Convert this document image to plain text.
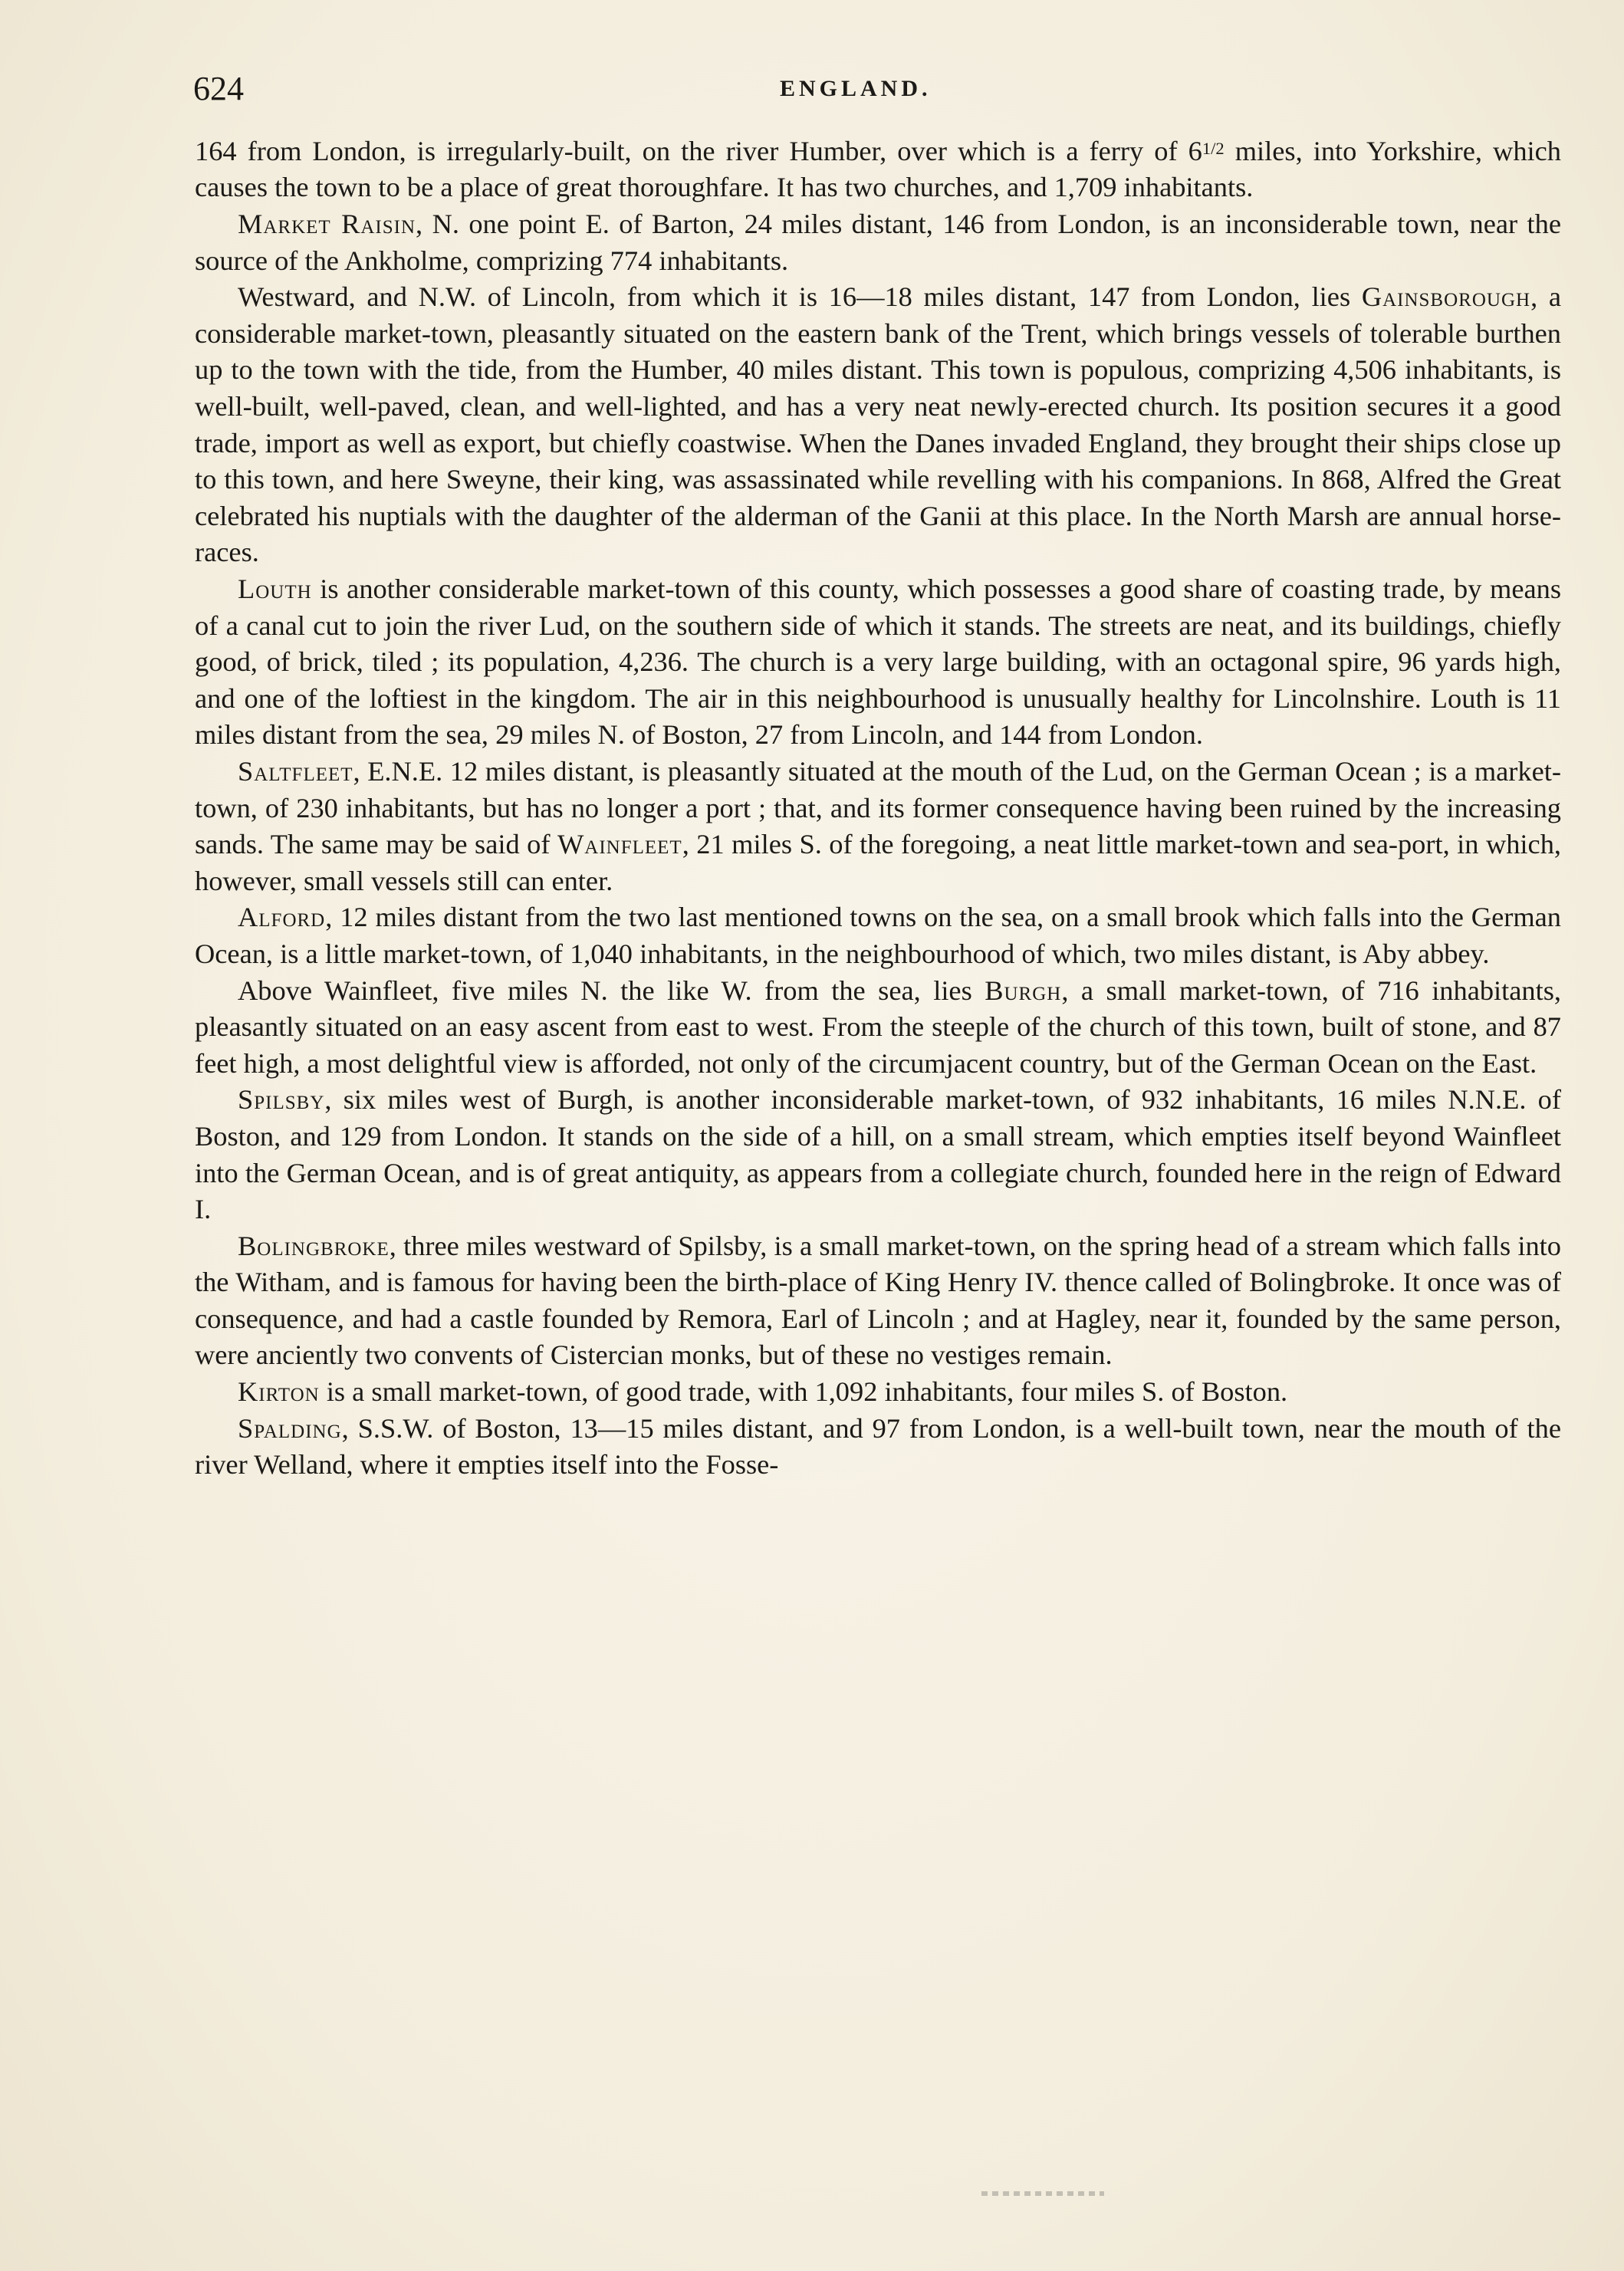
624	ENGLAND.

164 from London, is irregularly-built, on the river Humber, over which is a ferry of $6^{1/2}$ miles, into Yorkshire, which causes the town to be a place of great thoroughfare. It has two churches, and 1,709 inhabitants.

Market Raisin, N. one point E. of Barton, 24 miles distant, 146 from London, is an inconsiderable town, near the source of the Ankholme, comprizing 774 inhabitants.

Westward, and N.W. of Lincoln, from which it is 16—18 miles distant, 147 from London, lies Gainsborough, a considerable market-town, pleasantly situated on the eastern bank of the Trent, which brings vessels of tolerable burthen up to the town with the tide, from the Humber, 40 miles distant. This town is populous, comprizing 4,506 inhabitants, is well-built, well-paved, clean, and well-lighted, and has a very neat newly-erected church. Its position secures it a good trade, import as well as export, but chiefly coastwise. When the Danes invaded England, they brought their ships close up to this town, and here Sweyne, their king, was assassinated while revelling with his companions. In 868, Alfred the Great celebrated his nuptials with the daughter of the alderman of the Ganii at this place. In the North Marsh are annual horse-races.

Louth is another considerable market-town of this county, which possesses a good share of coasting trade, by means of a canal cut to join the river Lud, on the southern side of which it stands. The streets are neat, and its buildings, chiefly good, of brick, tiled ; its population, 4,236. The church is a very large building, with an octagonal spire, 96 yards high, and one of the loftiest in the kingdom. The air in this neighbourhood is unusually healthy for Lincolnshire. Louth is 11 miles distant from the sea, 29 miles N. of Boston, 27 from Lincoln, and 144 from London.

Saltfleet, E.N.E. 12 miles distant, is pleasantly situated at the mouth of the Lud, on the German Ocean ; is a market-town, of 230 inhabitants, but has no longer a port ; that, and its former consequence having been ruined by the increasing sands. The same may be said of Wainfleet, 21 miles S. of the foregoing, a neat little market-town and sea-port, in which, however, small vessels still can enter.

Alford, 12 miles distant from the two last mentioned towns on the sea, on a small brook which falls into the German Ocean, is a little market-town, of 1,040 inhabitants, in the neighbourhood of which, two miles distant, is Aby abbey.

Above Wainfleet, five miles N. the like W. from the sea, lies Burgh, a small market-town, of 716 inhabitants, pleasantly situated on an easy ascent from east to west. From the steeple of the church of this town, built of stone, and 87 feet high, a most delightful view is afforded, not only of the circumjacent country, but of the German Ocean on the East.

Spilsby, six miles west of Burgh, is another inconsiderable market-town, of 932 inhabitants, 16 miles N.N.E. of Boston, and 129 from London. It stands on the side of a hill, on a small stream, which empties itself beyond Wainfleet into the German Ocean, and is of great antiquity, as appears from a collegiate church, founded here in the reign of Edward I.

Bolingbroke, three miles westward of Spilsby, is a small market-town, on the spring head of a stream which falls into the Witham, and is famous for having been the birth-place of King Henry IV. thence called of Bolingbroke. It once was of consequence, and had a castle founded by Remora, Earl of Lincoln ; and at Hagley, near it, founded by the same person, were anciently two convents of Cistercian monks, but of these no vestiges remain.

Kirton is a small market-town, of good trade, with 1,092 inhabitants, four miles S. of Boston.

Spalding, S.S.W. of Boston, 13—15 miles distant, and 97 from London, is a well-built town, near the mouth of the river Welland, where it empties itself into the Fosse-
